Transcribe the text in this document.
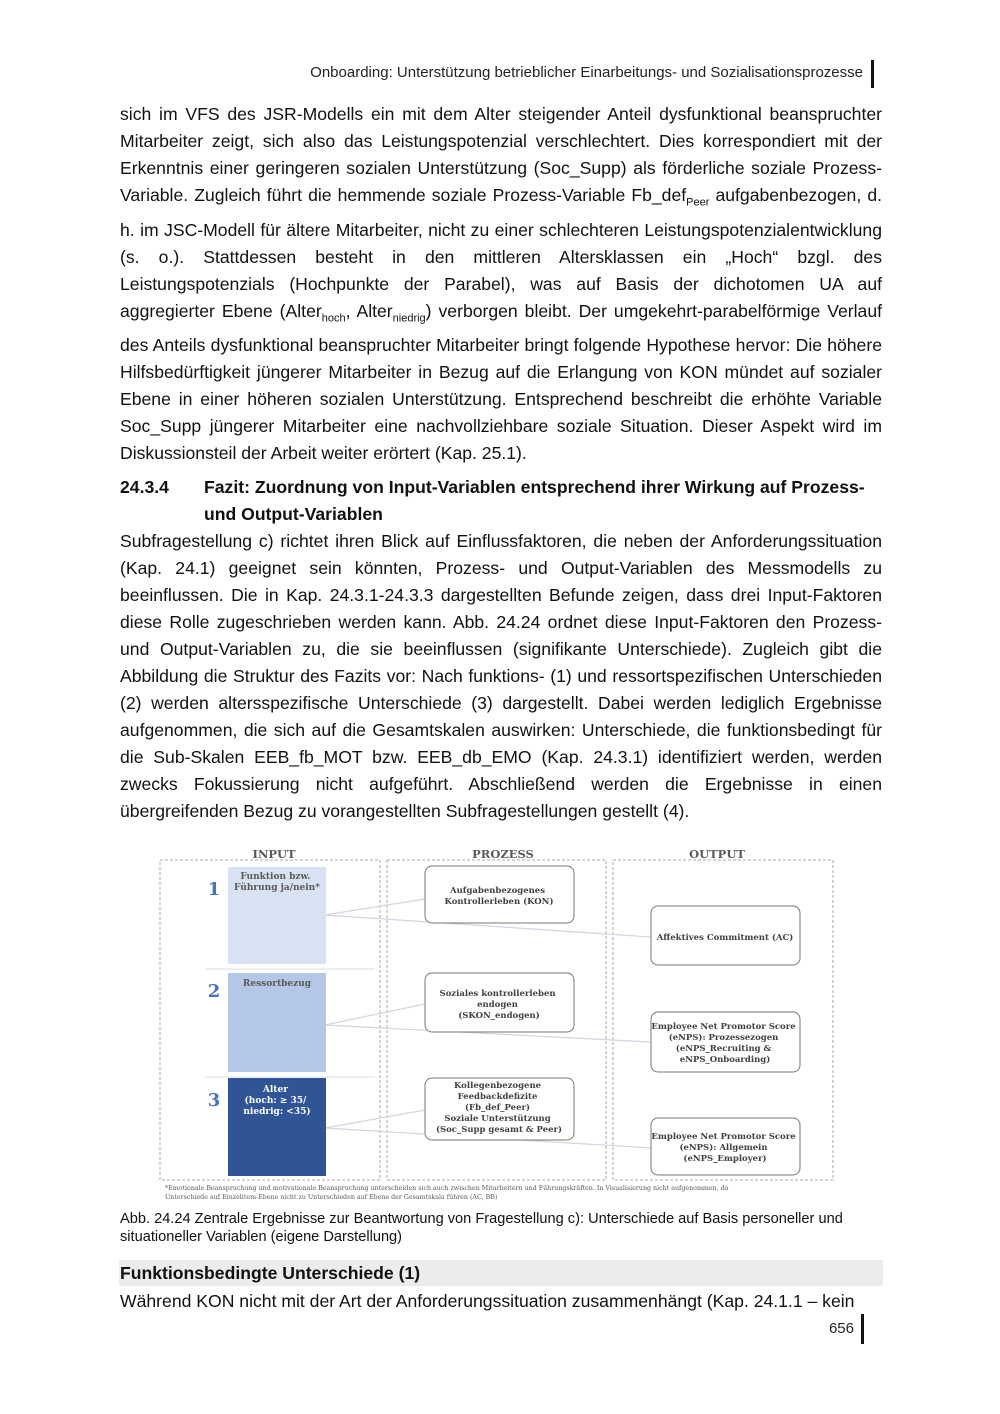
Onboarding: Unterstützung betrieblicher Einarbeitungs- und Sozialisationsprozesse

sich im VFS des JSR-Modells ein mit dem Alter steigender Anteil dysfunktional beanspruchter Mitarbeiter zeigt, sich also das Leistungspotenzial verschlechtert. Dies korrespondiert mit der Erkenntnis einer geringeren sozialen Unterstützung (Soc_Supp) als förderliche soziale Prozess-Variable. Zugleich führt die hemmende soziale Prozess-Variable Fb_def$_{Peer}$ aufgabenbezogen, d. h. im JSC-Modell für ältere Mitarbeiter, nicht zu einer schlechteren Leistungspotenzialentwicklung (s. o.). Stattdessen besteht in den mittleren Altersklassen ein „Hoch“ bzgl. des Leistungspotenzials (Hochpunkte der Parabel), was auf Basis der dichotomen UA auf aggregierter Ebene (Alter$_{hoch}$, Alter$_{niedrig}$) verborgen bleibt. Der umgekehrt-parabelförmige Verlauf des Anteils dysfunktional beanspruchter Mitarbeiter bringt folgende Hypothese hervor: Die höhere Hilfsbedürftigkeit jüngerer Mitarbeiter in Bezug auf die Erlangung von KON mündet auf sozialer Ebene in einer höheren sozialen Unterstützung. Entsprechend beschreibt die erhöhte Variable Soc_Supp jüngerer Mitarbeiter eine nachvollziehbare soziale Situation. Dieser Aspekt wird im Diskussionsteil der Arbeit weiter erörtert (Kap. 25.1).

24.3.4 Fazit: Zuordnung von Input-Variablen entsprechend ihrer Wirkung auf Prozess-
und Output-Variablen

Subfragestellung c) richtet ihren Blick auf Einflussfaktoren, die neben der Anforderungssituation (Kap. 24.1) geeignet sein könnten, Prozess- und Output-Variablen des Messmodells zu beeinflussen. Die in Kap. 24.3.1-24.3.3 dargestellten Befunde zeigen, dass drei Input-Faktoren diese Rolle zugeschrieben werden kann. Abb. 24.24 ordnet diese Input-Faktoren den Prozess- und Output-Variablen zu, die sie beeinflussen (signifikante Unterschiede). Zugleich gibt die Abbildung die Struktur des Fazits vor: Nach funktions- (1) und ressortspezifischen Unterschieden (2) werden altersspezifische Unterschiede (3) dargestellt. Dabei werden lediglich Ergebnisse aufgenommen, die sich auf die Gesamtskalen auswirken: Unterschiede, die funktionsbedingt für die Sub-Skalen EEB_fb_MOT bzw. EEB_db_EMO (Kap. 24.3.1) identifiziert werden, werden zwecks Fokussierung nicht aufgeführt. Abschließend werden die Ergebnisse in einen übergreifenden Bezug zu vorangestellten Subfragestellungen gestellt (4).

INPUT	PROZESS	OUTPUT
1
2
3
Funktion bzw. Führung ja/nein*
Ressortbezug
Alter (hoch: ≥ 35/ niedrig: <35)
Aufgabenbezogenes Kontrollerleben (KON)
Soziales kontrollerleben endogen (SKON_endogen)
Kollegenbezogene Feedbackdefizite (Fb_def_Peer) Soziale Unterstützung (Soc_Supp gesamt & Peer)
Affektives Commitment (AC)
Employee Net Promotor Score (eNPS): Prozessezogen (eNPS_Recruiting & eNPS_Onboarding)
Employee Net Promotor Score (eNPS): Allgemein (eNPS_Employer)
*Emotionale Beanspruchung und motivationale Beanspruchung unterscheiden sich auch zwischen Mitarbeitern und Führungskräften. In Visualisierung nicht aufgenommen, da Unterschiede auf Einzelitem-Ebene nicht zu Unterschieden auf Ebene der Gesamtskala führen (AC, BB)

Abb. 24.24 Zentrale Ergebnisse zur Beantwortung von Fragestellung c): Unterschiede auf Basis personeller und situationeller Variablen (eigene Darstellung)

Funktionsbedingte Unterschiede (1)

Während KON nicht mit der Art der Anforderungssituation zusammenhängt (Kap. 24.1.1 – kein

656
